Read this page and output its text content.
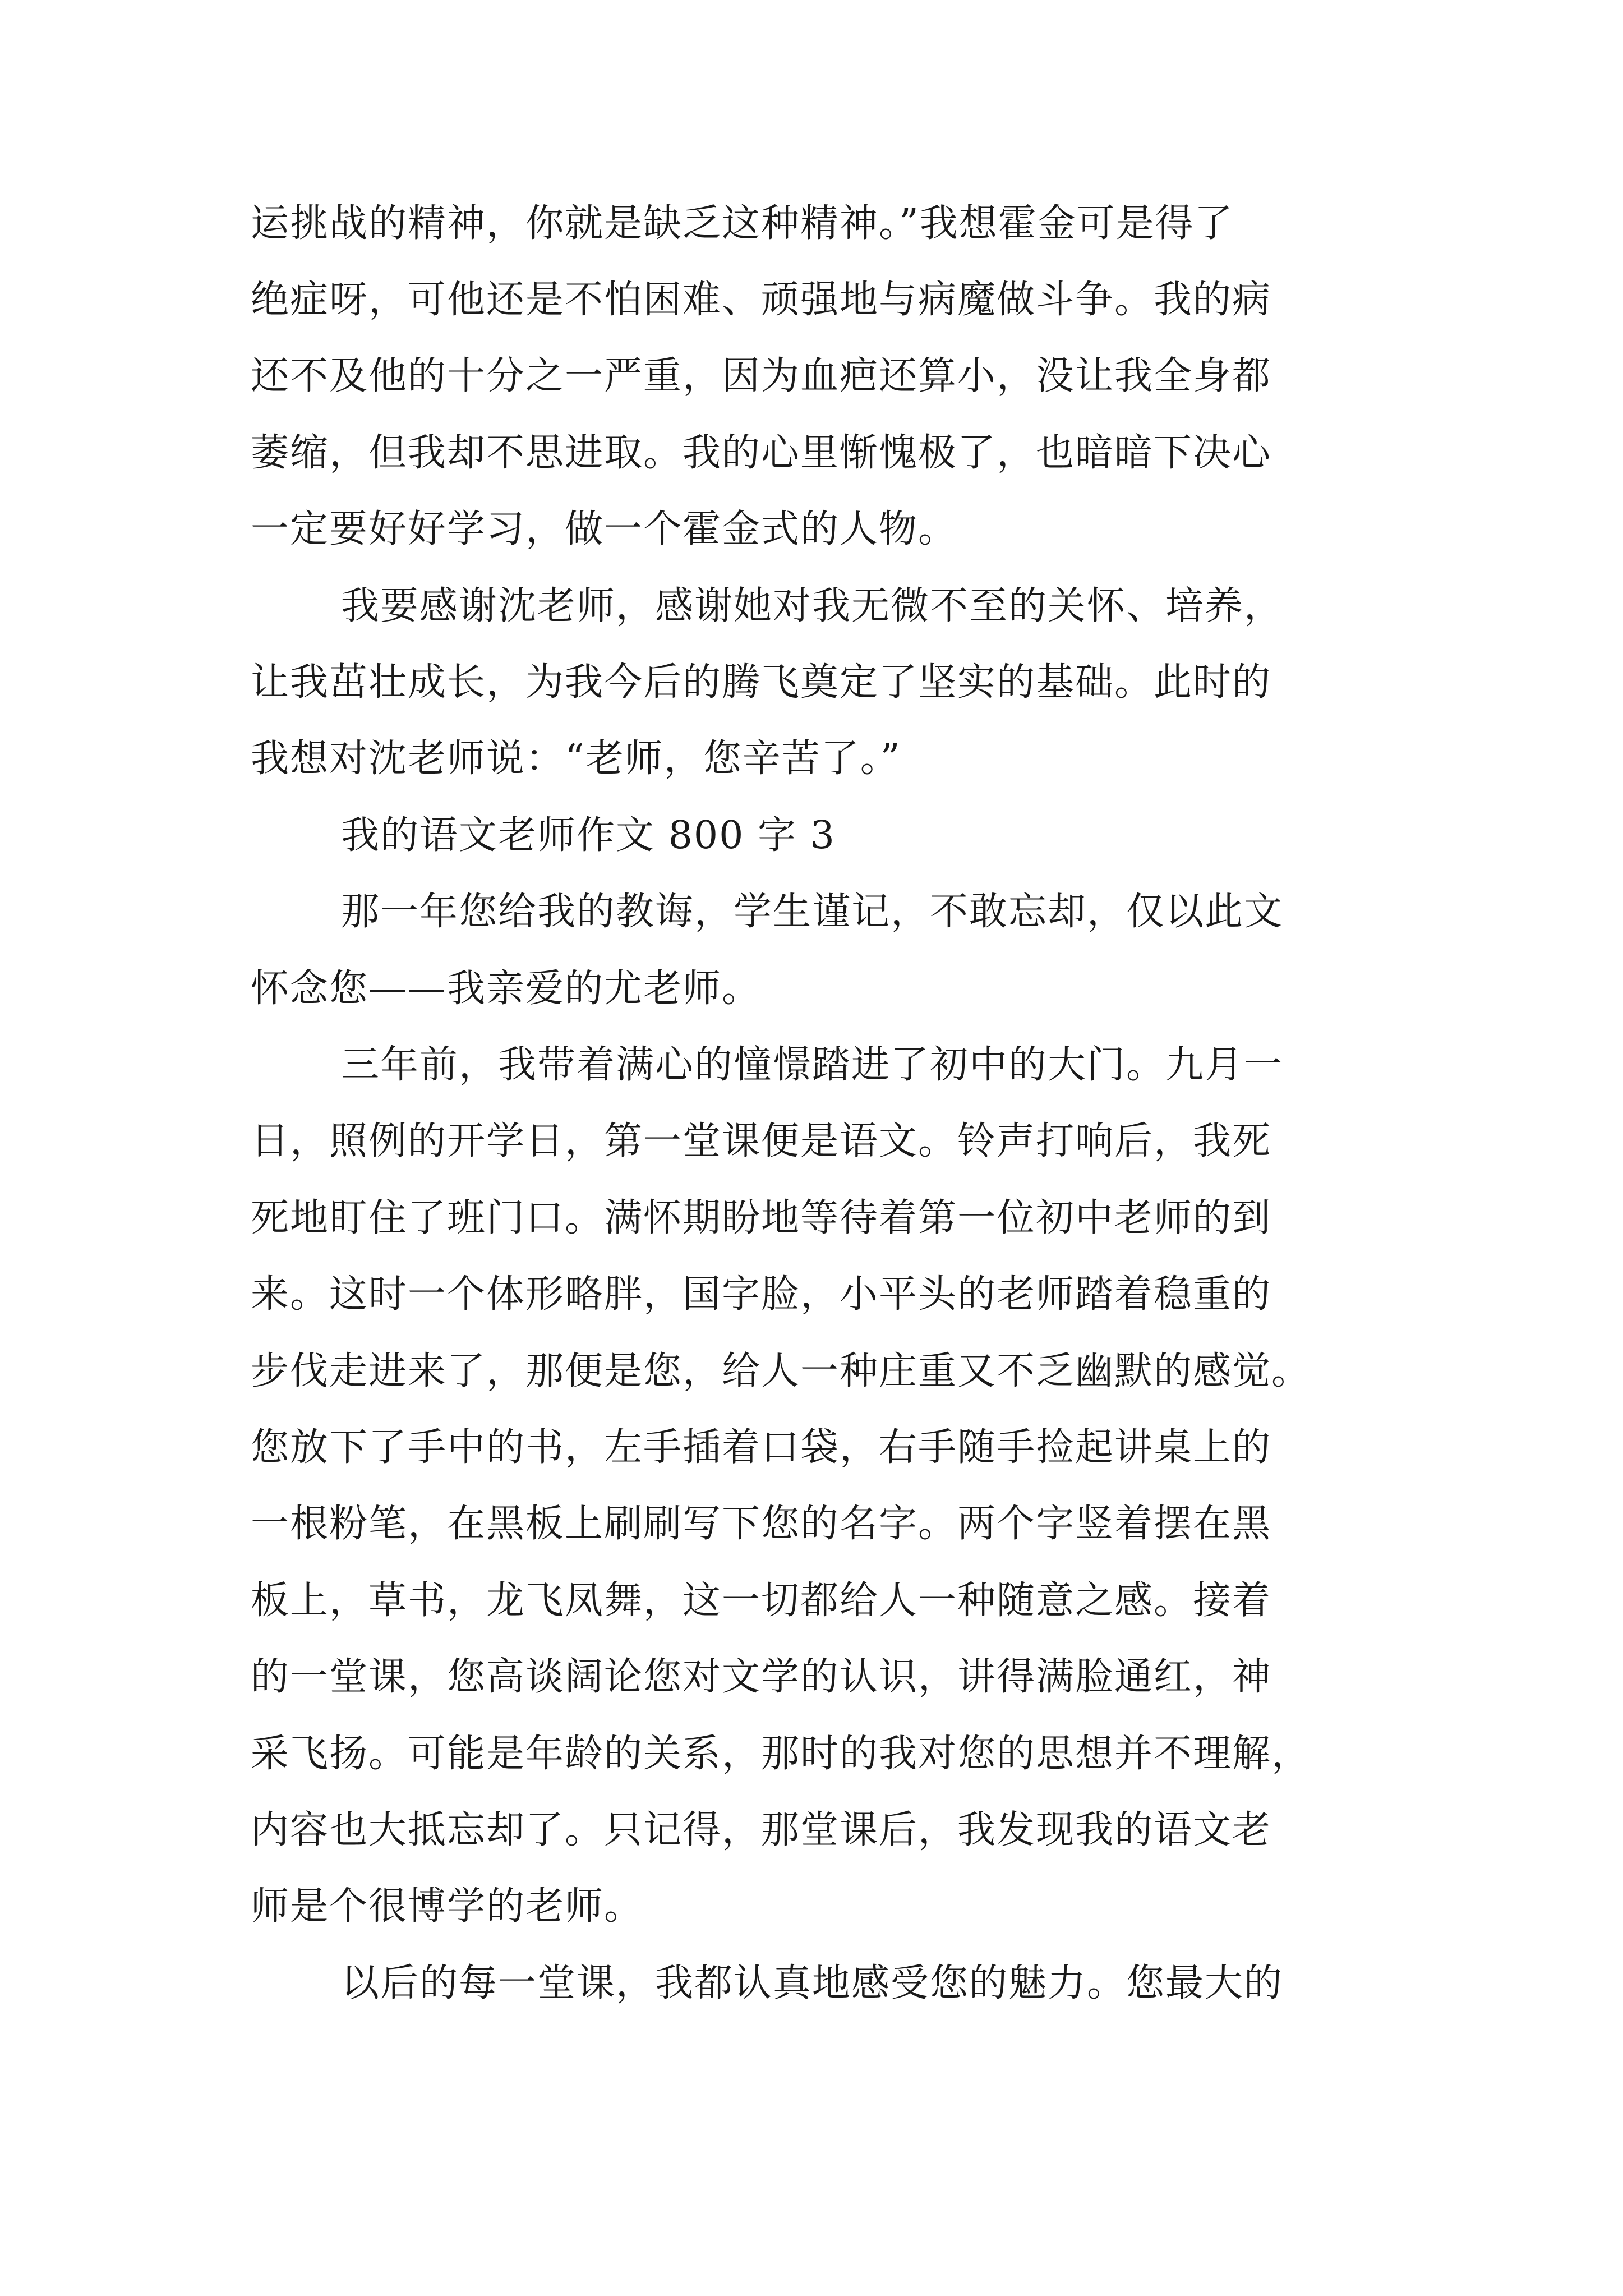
运挑战的精神，你就是缺乏这种精神。”我想霍金可是得了
绝症呀，可他还是不怕困难、顽强地与病魔做斗争。我的病
还不及他的十分之一严重，因为血疤还算小，没让我全身都
萎缩，但我却不思进取。我的心里惭愧极了，也暗暗下决心
一定要好好学习，做一个霍金式的人物。
我要感谢沈老师，感谢她对我无微不至的关怀、培养，
让我茁壮成长，为我今后的腾飞奠定了坚实的基础。此时的
我想对沈老师说：“老师，您辛苦了。”
我的语文老师作文 800 字 3
那一年您给我的教诲，学生谨记，不敢忘却，仅以此文
怀念您——我亲爱的尤老师。
三年前，我带着满心的憧憬踏进了初中的大门。九月一
日，照例的开学日，第一堂课便是语文。铃声打响后，我死
死地盯住了班门口。满怀期盼地等待着第一位初中老师的到
来。这时一个体形略胖，国字脸，小平头的老师踏着稳重的
步伐走进来了，那便是您，给人一种庄重又不乏幽默的感觉。
您放下了手中的书，左手插着口袋，右手随手捡起讲桌上的
一根粉笔，在黑板上刷刷写下您的名字。两个字竖着摆在黑
板上，草书，龙飞凤舞，这一切都给人一种随意之感。接着
的一堂课，您高谈阔论您对文学的认识，讲得满脸通红，神
采飞扬。可能是年龄的关系，那时的我对您的思想并不理解，
内容也大抵忘却了。只记得，那堂课后，我发现我的语文老
师是个很博学的老师。
以后的每一堂课，我都认真地感受您的魅力。您最大的
